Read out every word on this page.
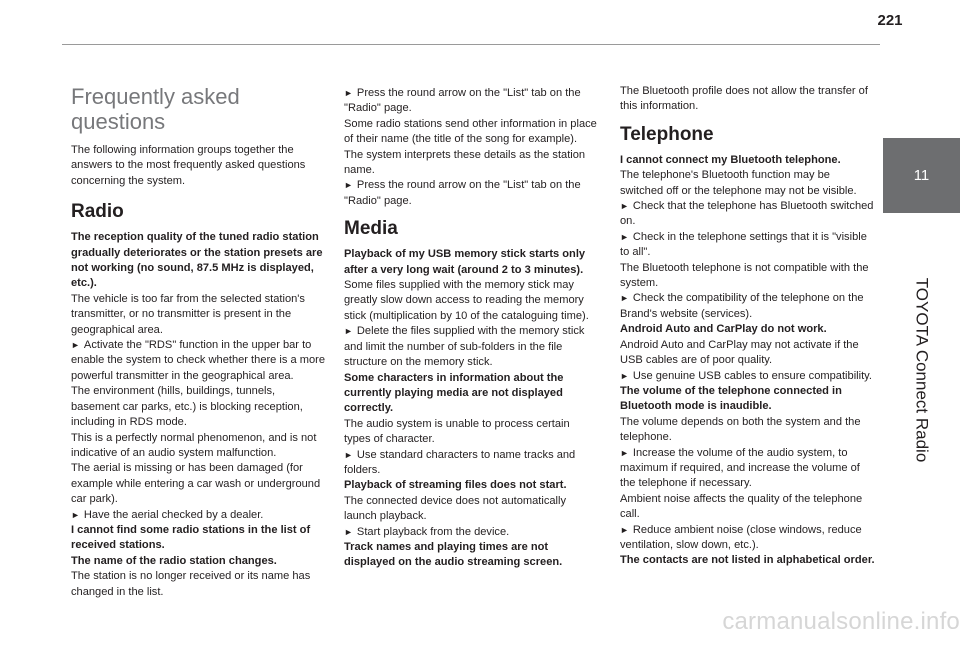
221
11
TOYOTA Connect Radio

Frequently asked questions

The following information groups together the answers to the most frequently asked questions concerning the system.

Radio

The reception quality of the tuned radio station gradually deteriorates or the station presets are not working (no sound, 87.5 MHz is displayed, etc.).

The vehicle is too far from the selected station's transmitter, or no transmitter is present in the geographical area.

► Activate the "RDS" function in the upper bar to enable the system to check whether there is a more powerful transmitter in the geographical area.

The environment (hills, buildings, tunnels, basement car parks, etc.) is blocking reception, including in RDS mode.

This is a perfectly normal phenomenon, and is not indicative of an audio system malfunction.

The aerial is missing or has been damaged (for example while entering a car wash or underground car park).

► Have the aerial checked by a dealer.

I cannot find some radio stations in the list of received stations.

The name of the radio station changes.

The station is no longer received or its name has changed in the list.

► Press the round arrow on the "List" tab on the "Radio" page.

Some radio stations send other information in place of their name (the title of the song for example).

The system interprets these details as the station name.

► Press the round arrow on the "List" tab on the "Radio" page.

Media

Playback of my USB memory stick starts only after a very long wait (around 2 to 3 minutes).

Some files supplied with the memory stick may greatly slow down access to reading the memory stick (multiplication by 10 of the cataloguing time).

► Delete the files supplied with the memory stick and limit the number of sub-folders in the file structure on the memory stick.

Some characters in information about the currently playing media are not displayed correctly.

The audio system is unable to process certain types of character.

► Use standard characters to name tracks and folders.

Playback of streaming files does not start.

The connected device does not automatically launch playback.

► Start playback from the device.

Track names and playing times are not displayed on the audio streaming screen.

The Bluetooth profile does not allow the transfer of this information.

Telephone

I cannot connect my Bluetooth telephone.

The telephone's Bluetooth function may be switched off or the telephone may not be visible.

► Check that the telephone has Bluetooth switched on.

► Check in the telephone settings that it is "visible to all".

The Bluetooth telephone is not compatible with the system.

► Check the compatibility of the telephone on the Brand's website (services).

Android Auto and CarPlay do not work.

Android Auto and CarPlay may not activate if the USB cables are of poor quality.

► Use genuine USB cables to ensure compatibility.

The volume of the telephone connected in Bluetooth mode is inaudible.

The volume depends on both the system and the telephone.

► Increase the volume of the audio system, to maximum if required, and increase the volume of the telephone if necessary.

Ambient noise affects the quality of the telephone call.

► Reduce ambient noise (close windows, reduce ventilation, slow down, etc.).

The contacts are not listed in alphabetical order.

carmanualsonline.info
